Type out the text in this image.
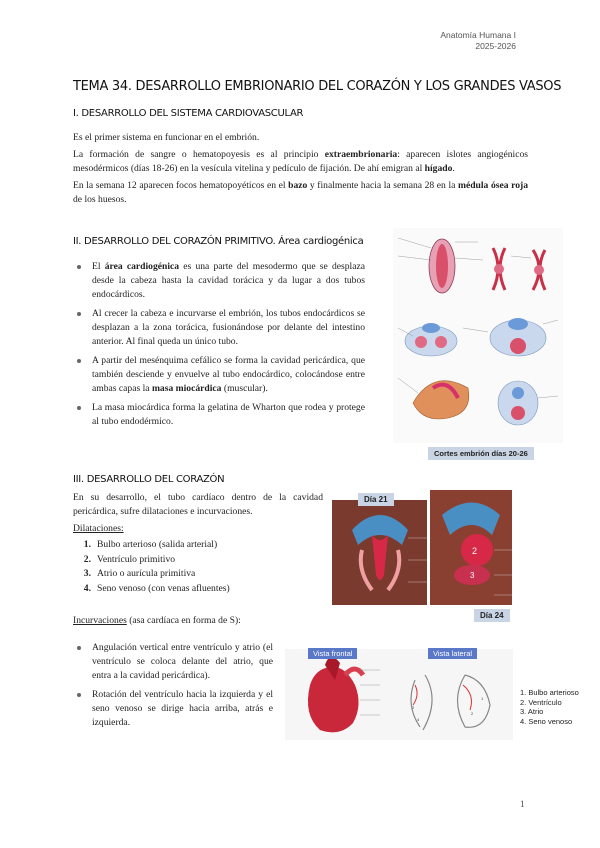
Anatomía Humana I
2025-2026
TEMA 34. DESARROLLO EMBRIONARIO DEL CORAZÓN Y LOS GRANDES VASOS
I. DESARROLLO DEL SISTEMA CARDIOVASCULAR
Es el primer sistema en funcionar en el embrión.
La formación de sangre o hematopoyesis es al principio extraembrionaria: aparecen islotes angiogénicos mesodérmicos (días 18-26) en la vesícula vitelina y pedículo de fijación. De ahí emigran al hígado.
En la semana 12 aparecen focos hematopoyéticos en el bazo y finalmente hacia la semana 28 en la médula ósea roja de los huesos.
II. DESARROLLO DEL CORAZÓN PRIMITIVO. Área cardiogénica
El área cardiogénica es una parte del mesodermo que se desplaza desde la cabeza hasta la cavidad torácica y da lugar a dos tubos endocárdicos.
Al crecer la cabeza e incurvarse el embrión, los tubos endocárdicos se desplazan a la zona torácica, fusionándose por delante del intestino anterior. Al final queda un único tubo.
A partir del mesénquima cefálico se forma la cavidad pericárdica, que también desciende y envuelve al tubo endocárdico, colocándose entre ambas capas la masa miocárdica (muscular).
La masa miocárdica forma la gelatina de Wharton que rodea y protege al tubo endodérmico.
Cortes embrión días 20-26
III. DESARROLLO DEL CORAZÓN
En su desarrollo, el tubo cardíaco dentro de la cavidad pericárdica, sufre dilataciones e incurvaciones.
Dilataciones:
1. Bulbo arterioso (salida arterial)
2. Ventrículo primitivo
3. Atrio o aurícula primitiva
4. Seno venoso (con venas afluentes)
Incurvaciones (asa cardíaca en forma de S):
Angulación vertical entre ventrículo y atrio (el ventrículo se coloca delante del atrio, que entra a la cavidad pericárdica).
Rotación del ventrículo hacia la izquierda y el seno venoso se dirige hacia arriba, atrás e izquierda.
2
3
Día 21
Día 24
2
4
2
1
Vista frontal	Vista lateral
1. Bulbo arterioso
2. Ventrículo
3. Atrio
4. Seno venoso
1
